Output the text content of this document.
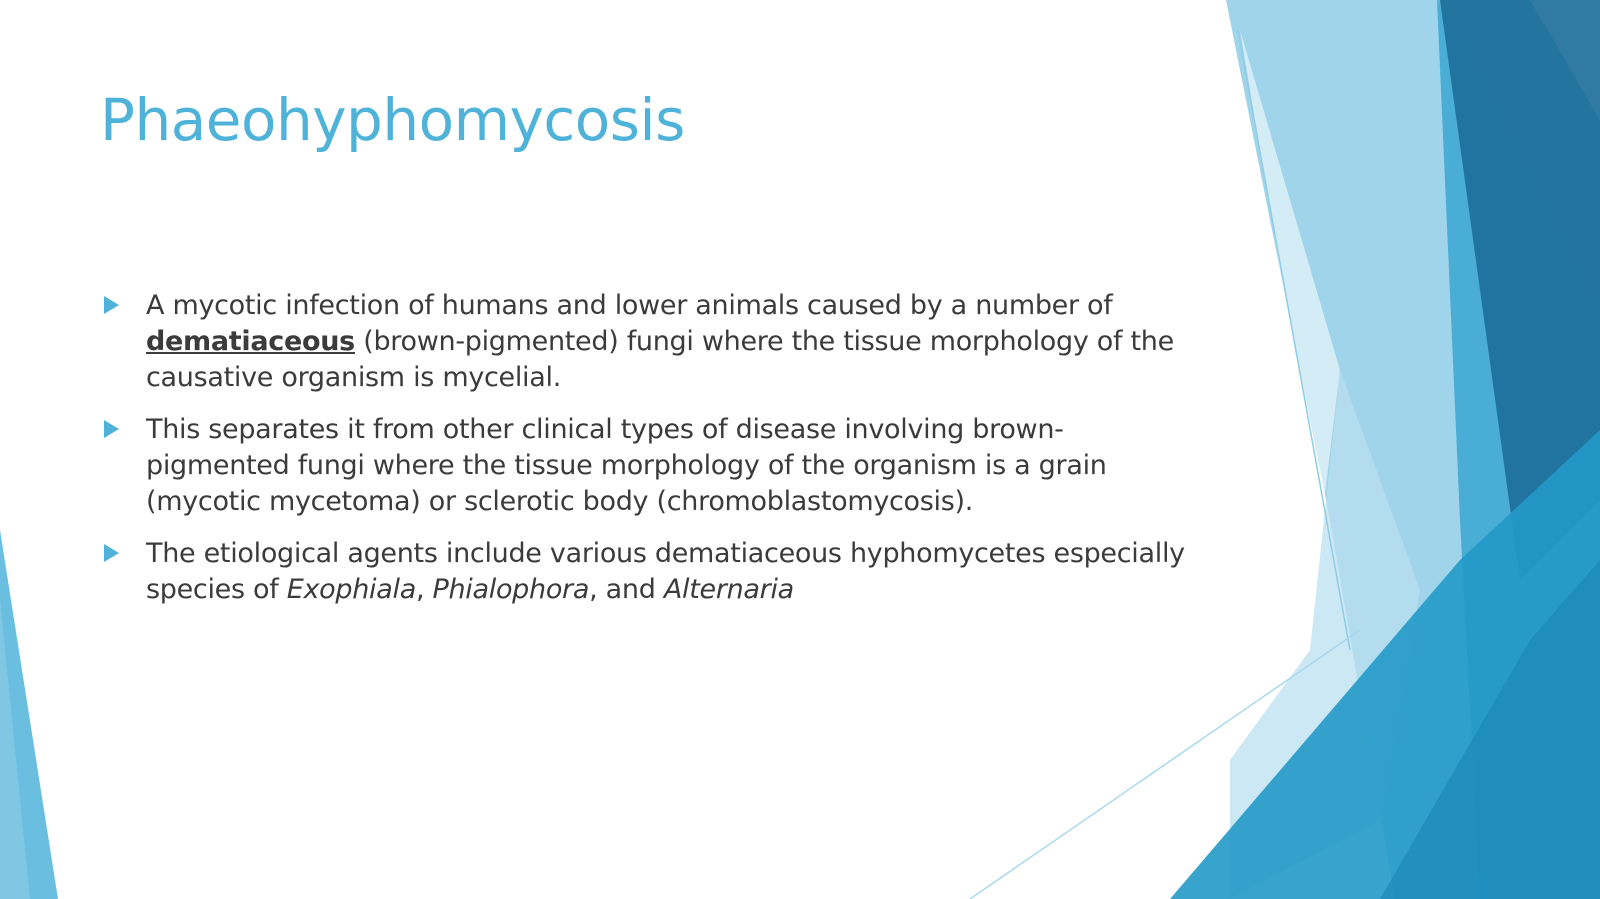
Phaeohyphomycosis
A mycotic infection of humans and lower animals caused by a number of dematiaceous (brown-pigmented) fungi where the tissue morphology of the causative organism is mycelial.
This separates it from other clinical types of disease involving brown-pigmented fungi where the tissue morphology of the organism is a grain (mycotic mycetoma) or sclerotic body (chromoblastomycosis).
The etiological agents include various dematiaceous hyphomycetes especially species of Exophiala, Phialophora, and Alternaria
